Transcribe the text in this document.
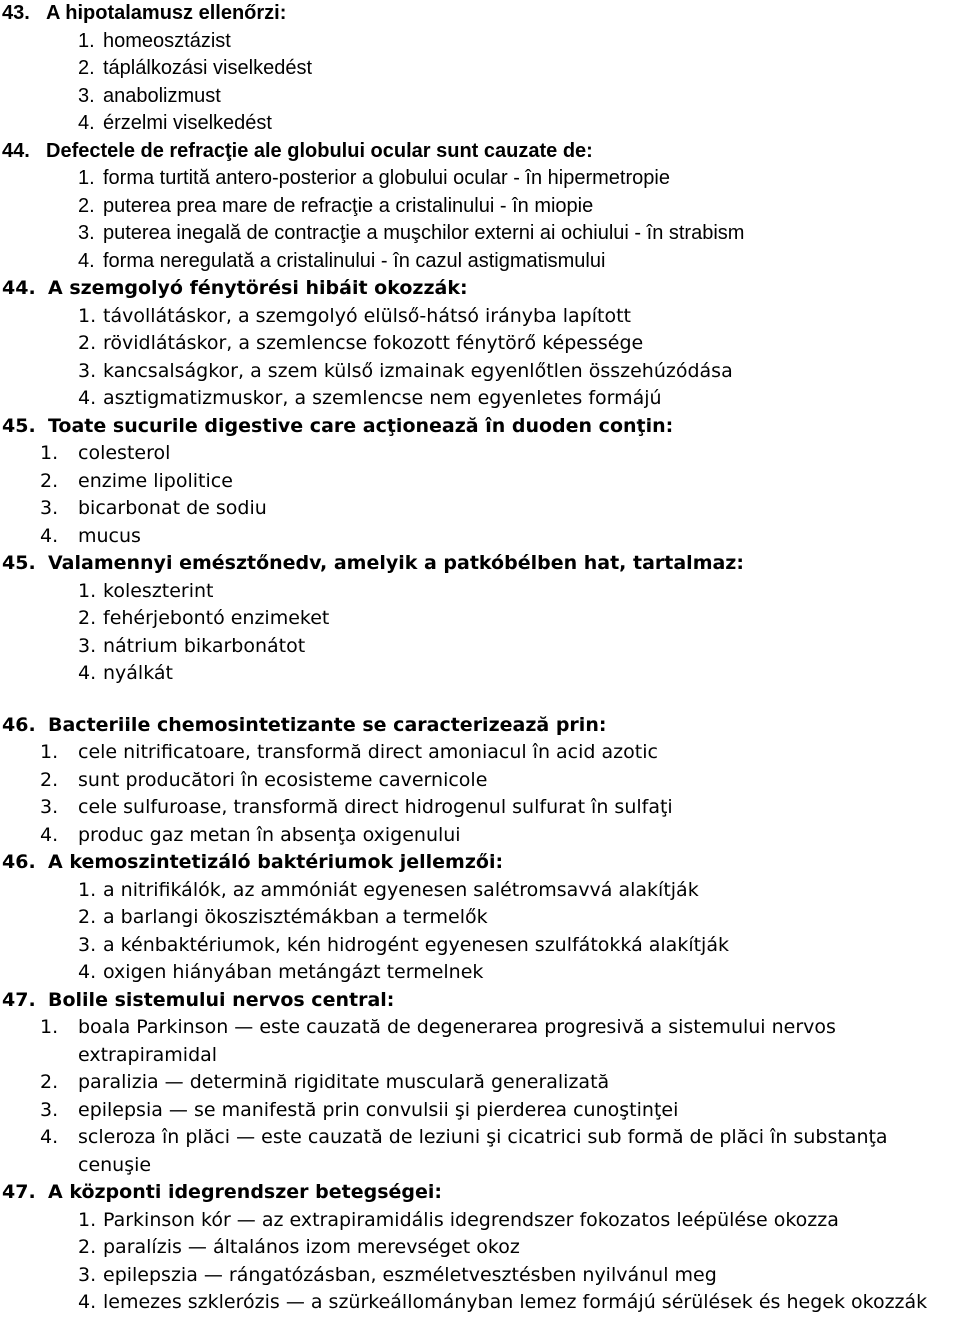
43. A hipotalamusz ellenőrzi:
1. homeosztázist
2. táplálkozási viselkedést
3. anabolizmust
4. érzelmi viselkedést
44. Defectele de refracţie ale globului ocular sunt cauzate de:
1. forma turtită antero-posterior a globului ocular - în hipermetropie
2. puterea prea mare de refracţie a cristalinului - în miopie
3. puterea inegală de contracţie a muşchilor externi ai ochiului - în strabism
4. forma neregulată a cristalinului - în cazul astigmatismului
44. A szemgolyó fénytörési hibáit okozzák:
1. távollátáskor, a szemgolyó elülső-hátsó irányba lapított
2. rövidlátáskor, a szemlencse fokozott fénytörő képessége
3. kancsalságkor, a szem külső izmainak egyenlőtlen összehúzódása
4. asztigmatizmuskor, a szemlencse nem egyenletes formájú
45. Toate sucurile digestive care acţionează în duoden conţin:
1. colesterol
2. enzime lipolitice
3. bicarbonat de sodiu
4. mucus
45. Valamennyi emésztőnedv, amelyik a patkóbélben hat, tartalmaz:
1. koleszterint
2. fehérjebontó enzimeket
3. nátrium bikarbonátot
4. nyálkát
46. Bacteriile chemosintetizante se caracterizează prin:
1. cele nitrificatoare, transformă direct amoniacul în acid azotic
2. sunt producători în ecosisteme cavernicole
3. cele sulfuroase, transformă direct hidrogenul sulfurat în sulfaţi
4. produc gaz metan în absenţa oxigenului
46. A kemoszintetizáló baktériumok jellemzői:
1. a nitrifikálók, az ammóniát egyenesen salétromsavvá alakítják
2. a barlangi ökoszisztémákban a termelők
3. a kénbaktériumok, kén hidrogént egyenesen szulfátokká alakítják
4. oxigen hiányában metángázt termelnek
47. Bolile sistemului nervos central:
1. boala Parkinson — este cauzată de degenerarea progresivă a sistemului nervos extrapiramidal
2. paralizia — determină rigiditate musculară generalizată
3. epilepsia — se manifestă prin convulsii şi pierderea cunoştinţei
4. scleroza în plăci — este cauzată de leziuni şi cicatrici sub formă de plăci în substanţa cenuşie
47. A központi idegrendszer betegségei:
1. Parkinson kór — az extrapiramidális idegrendszer fokozatos leépülése okozza
2. paralízis — általános izom merevséget okoz
3. epilepszia — rángatózásban, eszméletvesztésben nyilvánul meg
4. lemezes szklerózis — a szürkeállományban lemez formájú sérülések és hegek okozzák
